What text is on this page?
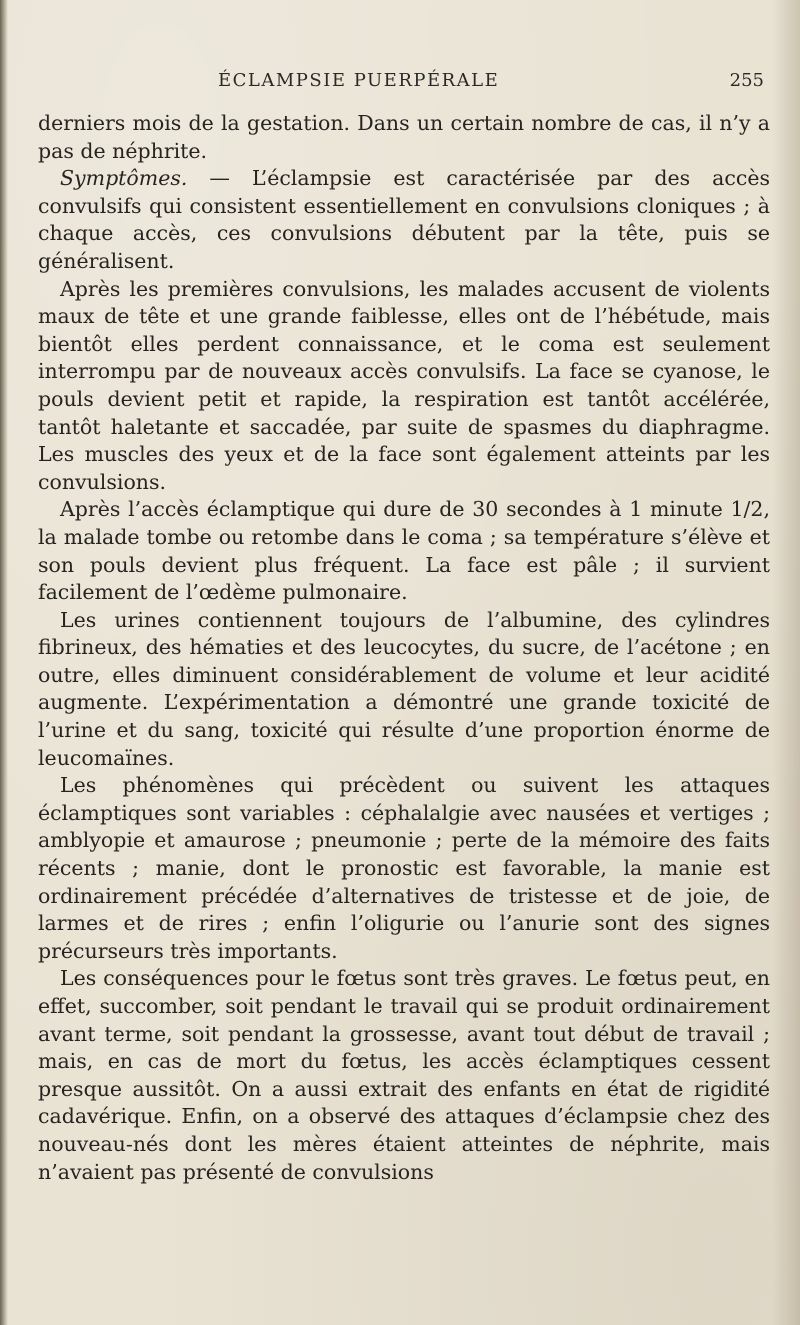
ÉCLAMPSIE PUERPÉRALE	255

derniers mois de la gestation. Dans un certain nombre de cas, il n’y a pas de néphrite.

Symptômes. — L’éclampsie est caractérisée par des accès convulsifs qui consistent essentiellement en convulsions cloniques ; à chaque accès, ces convulsions débutent par la tête, puis se généralisent.

Après les premières convulsions, les malades accusent de violents maux de tête et une grande faiblesse, elles ont de l’hébétude, mais bientôt elles perdent connaissance, et le coma est seulement interrompu par de nouveaux accès convulsifs. La face se cyanose, le pouls devient petit et rapide, la respiration est tantôt accélérée, tantôt haletante et saccadée, par suite de spasmes du diaphragme. Les muscles des yeux et de la face sont également atteints par les convulsions.

Après l’accès éclamptique qui dure de 30 secondes à 1 minute 1/2, la malade tombe ou retombe dans le coma ; sa température s’élève et son pouls devient plus fréquent. La face est pâle ; il survient facilement de l’œdème pulmonaire.

Les urines contiennent toujours de l’albumine, des cylindres fibrineux, des hématies et des leucocytes, du sucre, de l’acétone ; en outre, elles diminuent considérablement de volume et leur acidité augmente. L’expérimentation a démontré une grande toxicité de l’urine et du sang, toxicité qui résulte d’une proportion énorme de leucomaïnes.

Les phénomènes qui précèdent ou suivent les attaques éclamptiques sont variables : céphalalgie avec nausées et vertiges ; amblyopie et amaurose ; pneumonie ; perte de la mémoire des faits récents ; manie, dont le pronostic est favorable, la manie est ordinairement précédée d’alternatives de tristesse et de joie, de larmes et de rires ; enfin l’oligurie ou l’anurie sont des signes précurseurs très importants.

Les conséquences pour le fœtus sont très graves. Le fœtus peut, en effet, succomber, soit pendant le travail qui se produit ordinairement avant terme, soit pendant la grossesse, avant tout début de travail ; mais, en cas de mort du fœtus, les accès éclamptiques cessent presque aussitôt. On a aussi extrait des enfants en état de rigidité cadavérique. Enfin, on a observé des attaques d’éclampsie chez des nouveau-nés dont les mères étaient atteintes de néphrite, mais n’avaient pas présenté de convulsions
